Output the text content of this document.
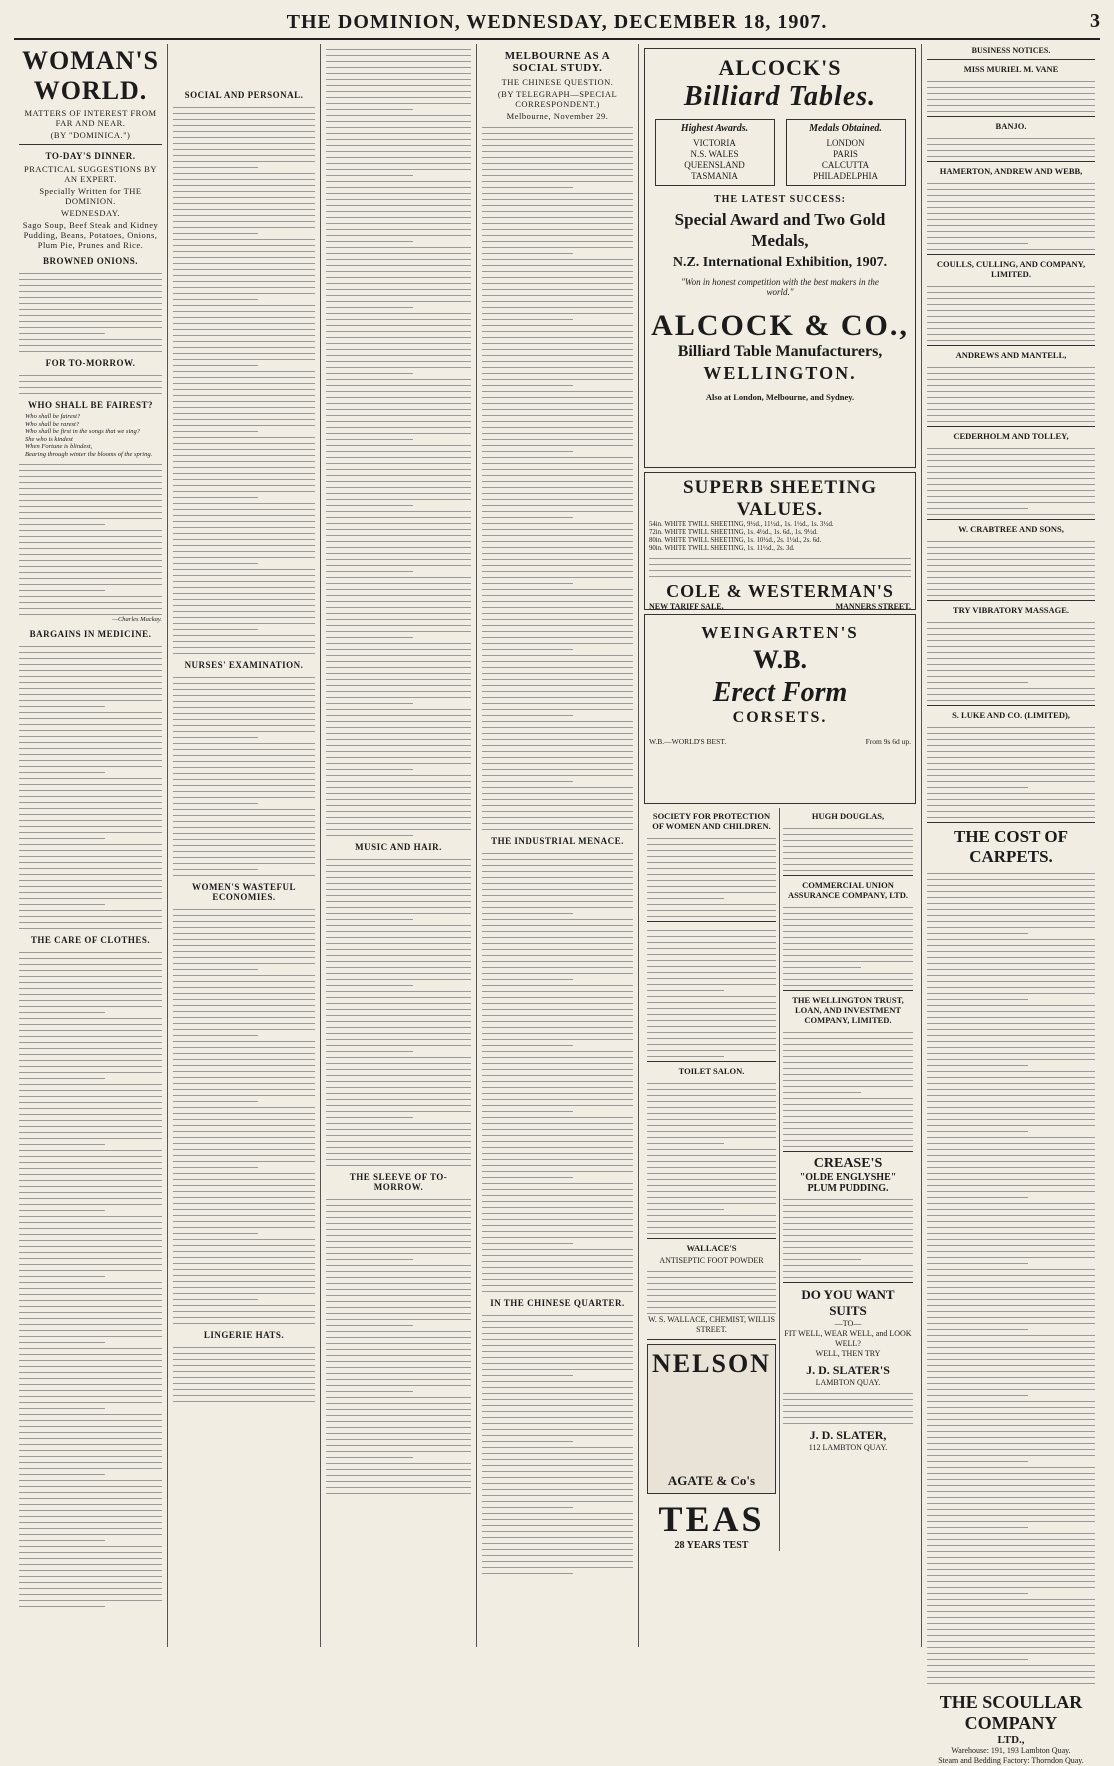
THE DOMINION, WEDNESDAY, DECEMBER 18, 1907.	3
WOMAN'S WORLD.
MATTERS OF INTEREST FROM FAR AND NEAR.
(BY "DOMINICA.")
TO-DAY'S DINNER.
PRACTICAL SUGGESTIONS BY AN EXPERT.
Specially Written for THE DOMINION.
WEDNESDAY.
Sago Soup, Beef Steak and Kidney Pudding, Beans, Potatoes, Onions, Plum Pie, Prunes and Rice.
BROWNED ONIONS.
FOR TO-MORROW.
WHO SHALL BE FAIREST?
Who shall be fairest?
Who shall be rarest?
Who shall be first in the songs that we sing?
She who is kindest
When Fortune is blindest,
Bearing through winter the blooms of the spring.
—Charles Mackay.
BARGAINS IN MEDICINE.
THE CARE OF CLOTHES.
SOCIAL AND PERSONAL.
NURSES' EXAMINATION.
WOMEN'S WASTEFUL ECONOMIES.
LINGERIE HATS.
MUSIC AND HAIR.
THE SLEEVE OF TO-MORROW.
MELBOURNE AS A SOCIAL STUDY.
THE CHINESE QUESTION.
(BY TELEGRAPH—SPECIAL CORRESPONDENT.)
Melbourne, November 29.
THE INDUSTRIAL MENACE.
IN THE CHINESE QUARTER.
ALCOCK'S
Billiard Tables.
Highest Awards.
VICTORIA
N.S. WALES
QUEENSLAND
TASMANIA
Medals Obtained.
LONDON
PARIS
CALCUTTA
PHILADELPHIA
THE LATEST SUCCESS:
Special Award and Two Gold Medals,
N.Z. International Exhibition, 1907.
"Won in honest competition with the best makers in the world."
ALCOCK & CO.,
Billiard Table Manufacturers,
WELLINGTON.
Also at London, Melbourne, and Sydney.
SUPERB SHEETING VALUES.
54in. WHITE TWILL SHEETING, 9½d., 11½d., 1s. 1½d., 1s. 3½d.
72in. WHITE TWILL SHEETING, 1s. 4½d., 1s. 6d., 1s. 9½d.
80in. WHITE TWILL SHEETING, 1s. 10½d., 2s. 1½d., 2s. 6d.
90in. WHITE TWILL SHEETING, 1s. 11½d., 2s. 3d.
COLE & WESTERMAN'S
NEW TARIFF SALE,	MANNERS STREET.
WEINGARTEN'S
W.B.
Erect Form
CORSETS.
W.B.—WORLD'S BEST.	From 9s 6d up.
SOCIETY FOR PROTECTION OF WOMEN AND CHILDREN.
TOILET SALON.
WALLACE'S
ANTISEPTIC FOOT POWDER
W. S. WALLACE, CHEMIST, WILLIS STREET.
NELSON
AGATE & Co's
TEAS
28 YEARS TEST
HUGH DOUGLAS,
COMMERCIAL UNION ASSURANCE COMPANY, LTD.
THE WELLINGTON TRUST, LOAN, AND INVESTMENT COMPANY, LIMITED.
CREASE'S
"OLDE ENGLYSHE"
PLUM PUDDING.
DO YOU WANT SUITS
—TO—
FIT WELL, WEAR WELL, and LOOK WELL?
WELL, THEN TRY
J. D. SLATER'S
LAMBTON QUAY.
J. D. SLATER,
112 LAMBTON QUAY.
BUSINESS NOTICES.
MISS MURIEL M. VANE
BANJO.
HAMERTON, ANDREW AND WEBB,
COULLS, CULLING, AND COMPANY, LIMITED.
ANDREWS AND MANTELL,
CEDERHOLM AND TOLLEY,
W. CRABTREE AND SONS,
TRY VIBRATORY MASSAGE.
S. LUKE AND CO. (LIMITED),
THE COST OF CARPETS.
THE SCOULLAR COMPANY
LTD.,
Warehouse: 191, 193 Lambton Quay.
Steam and Bedding Factory: Thorndon Quay.
